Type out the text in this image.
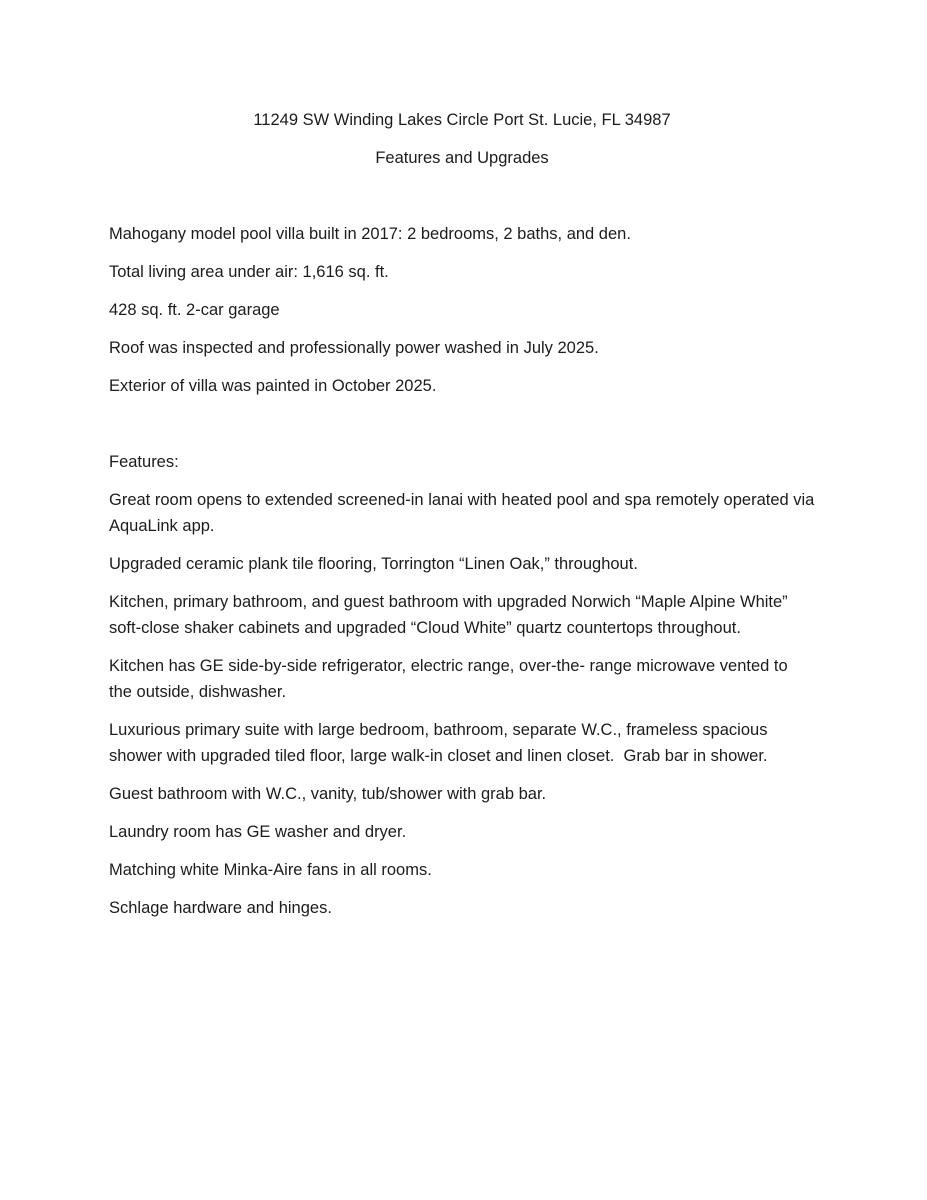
11249 SW Winding Lakes Circle Port St. Lucie, FL 34987

Features and Upgrades

Mahogany model pool villa built in 2017: 2 bedrooms, 2 baths, and den.

Total living area under air: 1,616 sq. ft.

428 sq. ft. 2-car garage

Roof was inspected and professionally power washed in July 2025.

Exterior of villa was painted in October 2025.

Features:

Great room opens to extended screened-in lanai with heated pool and spa remotely operated via AquaLink app.

Upgraded ceramic plank tile flooring, Torrington “Linen Oak,” throughout.

Kitchen, primary bathroom, and guest bathroom with upgraded Norwich “Maple Alpine White” soft-close shaker cabinets and upgraded “Cloud White” quartz countertops throughout.

Kitchen has GE side-by-side refrigerator, electric range, over-the- range microwave vented to the outside, dishwasher.

Luxurious primary suite with large bedroom, bathroom, separate W.C., frameless spacious shower with upgraded tiled floor, large walk-in closet and linen closet.  Grab bar in shower.

Guest bathroom with W.C., vanity, tub/shower with grab bar.

Laundry room has GE washer and dryer.

Matching white Minka-Aire fans in all rooms.

Schlage hardware and hinges.
